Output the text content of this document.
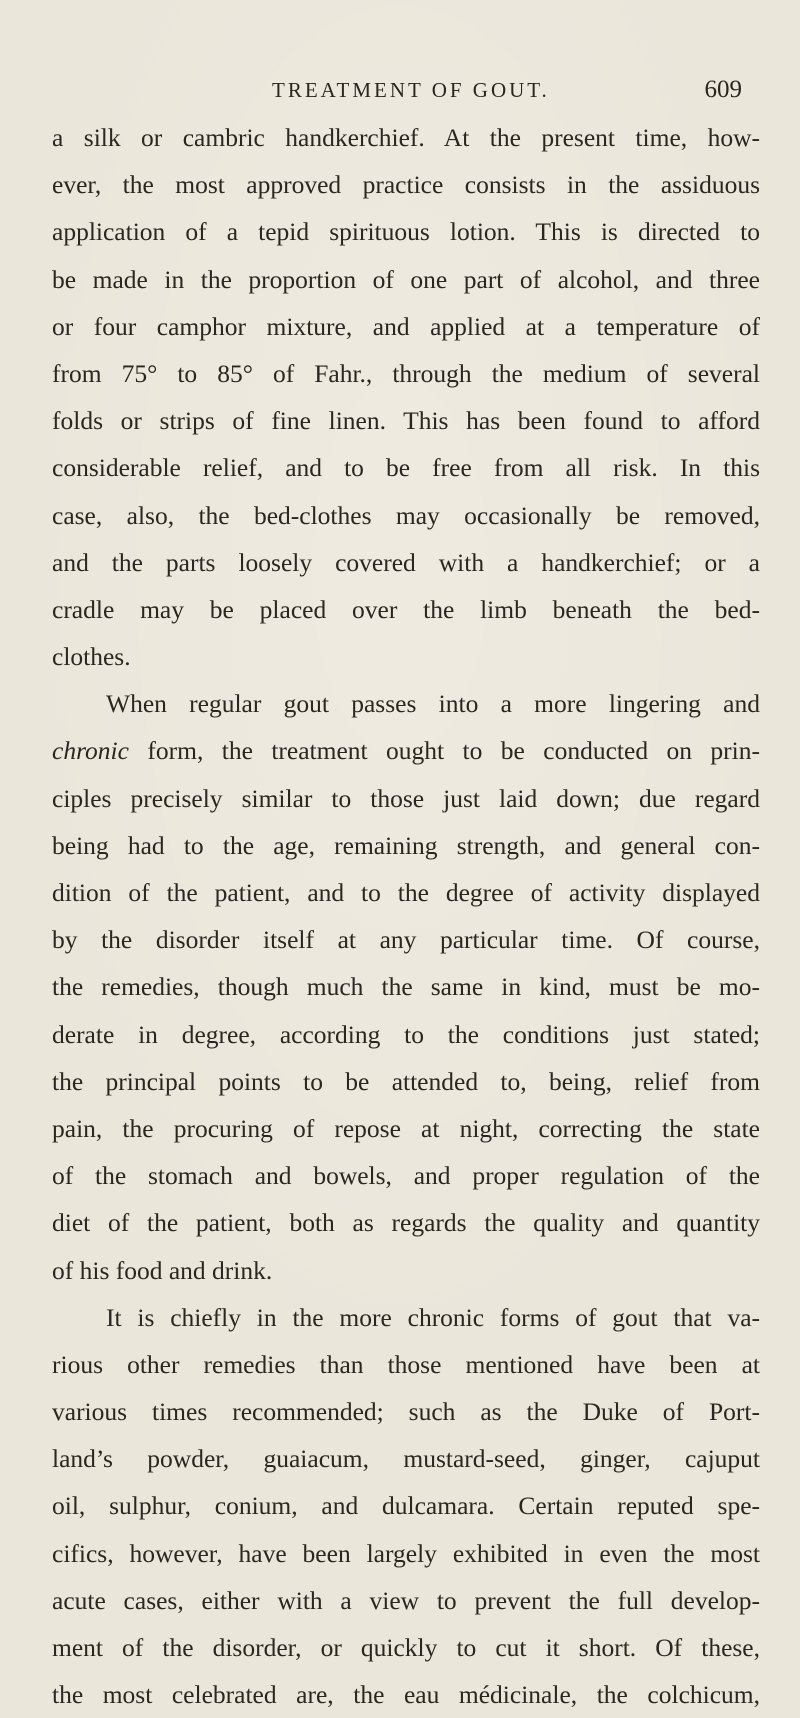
TREATMENT OF GOUT.	609
a silk or cambric handkerchief. At the present time, how-
ever, the most approved practice consists in the assiduous
application of a tepid spirituous lotion. This is directed to
be made in the proportion of one part of alcohol, and three
or four camphor mixture, and applied at a temperature of
from 75° to 85° of Fahr., through the medium of several
folds or strips of fine linen. This has been found to afford
considerable relief, and to be free from all risk. In this
case, also, the bed-clothes may occasionally be removed,
and the parts loosely covered with a handkerchief; or a
cradle may be placed over the limb beneath the bed-
clothes.
When regular gout passes into a more lingering and
chronic form, the treatment ought to be conducted on prin-
ciples precisely similar to those just laid down; due regard
being had to the age, remaining strength, and general con-
dition of the patient, and to the degree of activity displayed
by the disorder itself at any particular time. Of course,
the remedies, though much the same in kind, must be mo-
derate in degree, according to the conditions just stated;
the principal points to be attended to, being, relief from
pain, the procuring of repose at night, correcting the state
of the stomach and bowels, and proper regulation of the
diet of the patient, both as regards the quality and quantity
of his food and drink.
It is chiefly in the more chronic forms of gout that va-
rious other remedies than those mentioned have been at
various times recommended; such as the Duke of Port-
land’s powder, guaiacum, mustard-seed, ginger, cajuput
oil, sulphur, conium, and dulcamara. Certain reputed spe-
cifics, however, have been largely exhibited in even the most
acute cases, either with a view to prevent the full develop-
ment of the disorder, or quickly to cut it short. Of these,
the most celebrated are, the eau médicinale, the colchicum,
